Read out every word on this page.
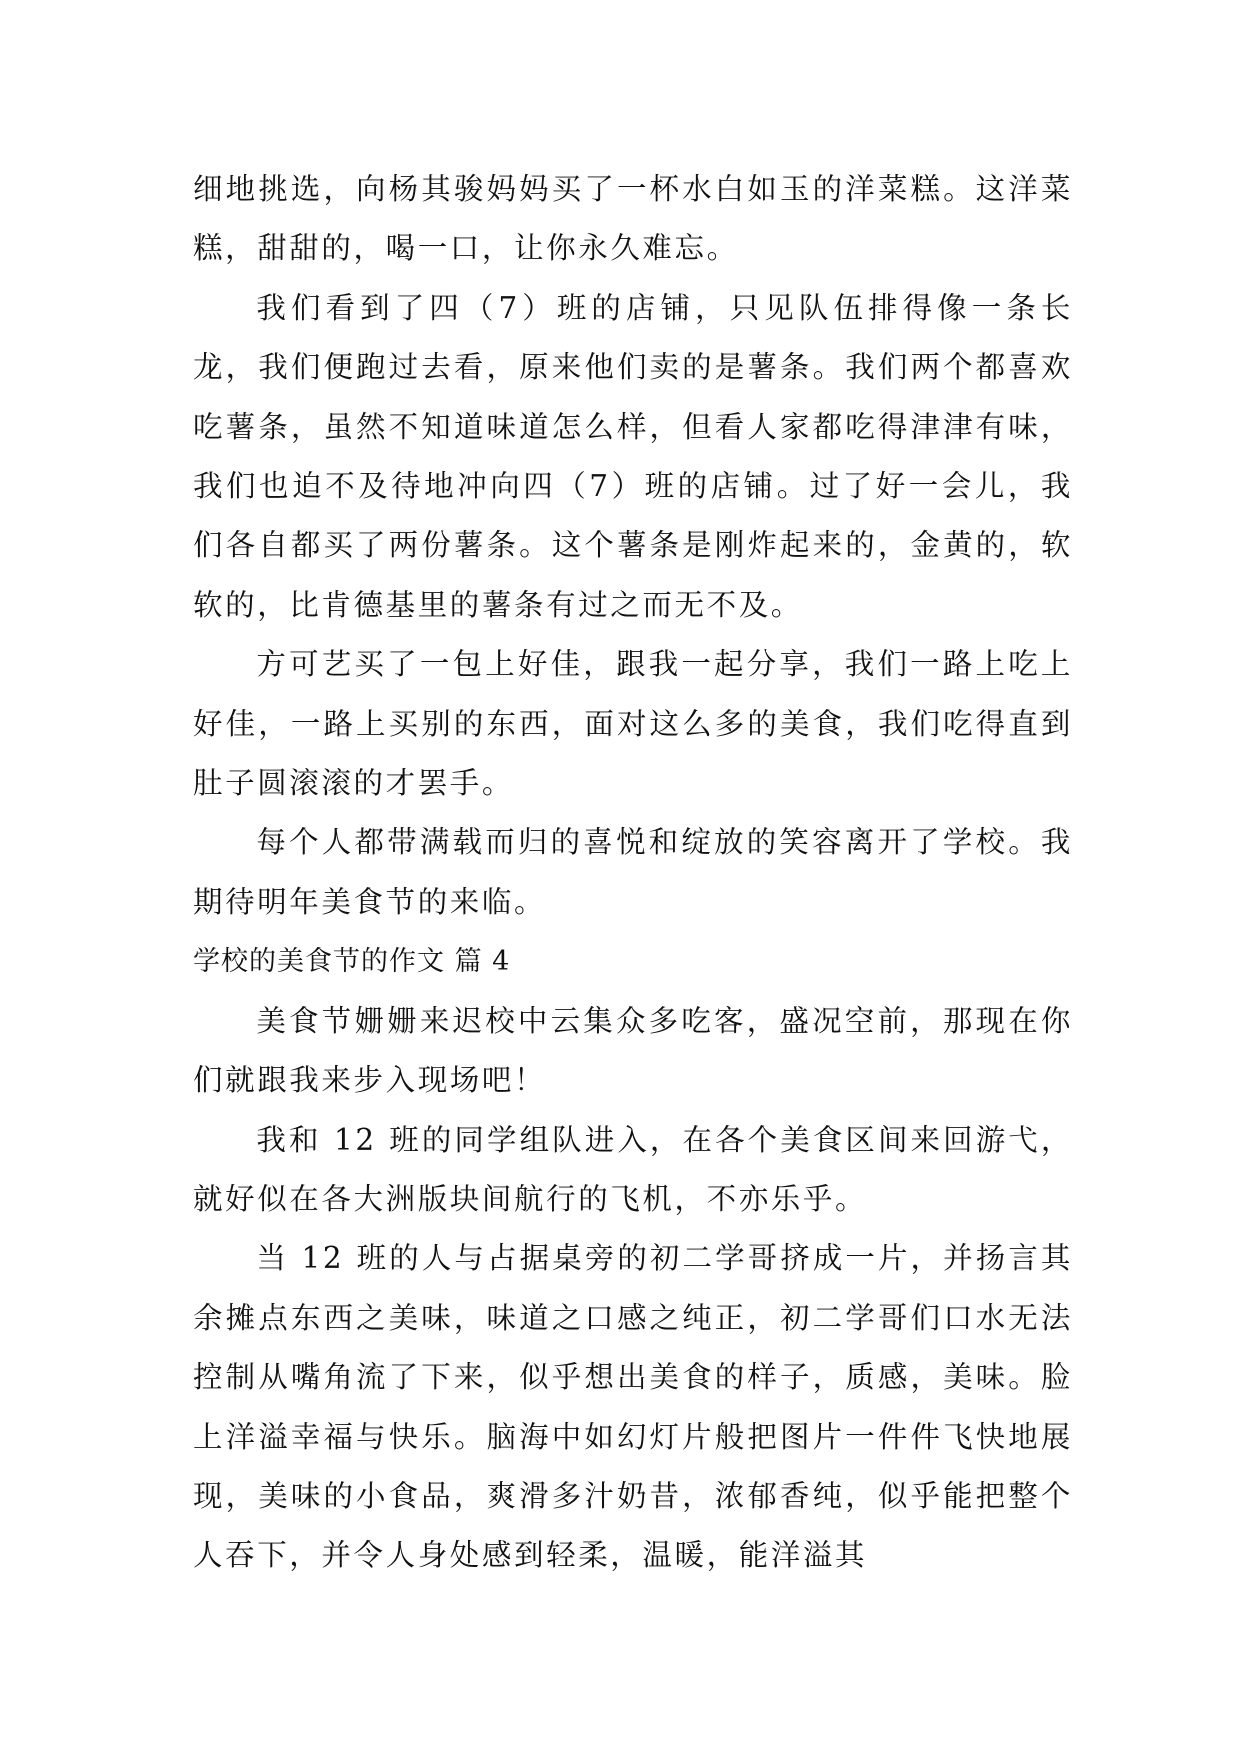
细地挑选，向杨其骏妈妈买了一杯水白如玉的洋菜糕。这洋菜糕，甜甜的，喝一口，让你永久难忘。

我们看到了四（7）班的店铺，只见队伍排得像一条长龙，我们便跑过去看，原来他们卖的是薯条。我们两个都喜欢吃薯条，虽然不知道味道怎么样，但看人家都吃得津津有味，我们也迫不及待地冲向四（7）班的店铺。过了好一会儿，我们各自都买了两份薯条。这个薯条是刚炸起来的，金黄的，软软的，比肯德基里的薯条有过之而无不及。

方可艺买了一包上好佳，跟我一起分享，我们一路上吃上好佳，一路上买别的东西，面对这么多的美食，我们吃得直到肚子圆滚滚的才罢手。

每个人都带满载而归的喜悦和绽放的笑容离开了学校。我期待明年美食节的来临。

学校的美食节的作文 篇 4

美食节姗姗来迟校中云集众多吃客，盛况空前，那现在你们就跟我来步入现场吧！

我和 12 班的同学组队进入，在各个美食区间来回游弋，就好似在各大洲版块间航行的飞机，不亦乐乎。

当 12 班的人与占据桌旁的初二学哥挤成一片，并扬言其余摊点东西之美味，味道之口感之纯正，初二学哥们口水无法控制从嘴角流了下来，似乎想出美食的样子，质感，美味。脸上洋溢幸福与快乐。脑海中如幻灯片般把图片一件件飞快地展现，美味的小食品，爽滑多汁奶昔，浓郁香纯，似乎能把整个人吞下，并令人身处感到轻柔，温暖，能洋溢其
